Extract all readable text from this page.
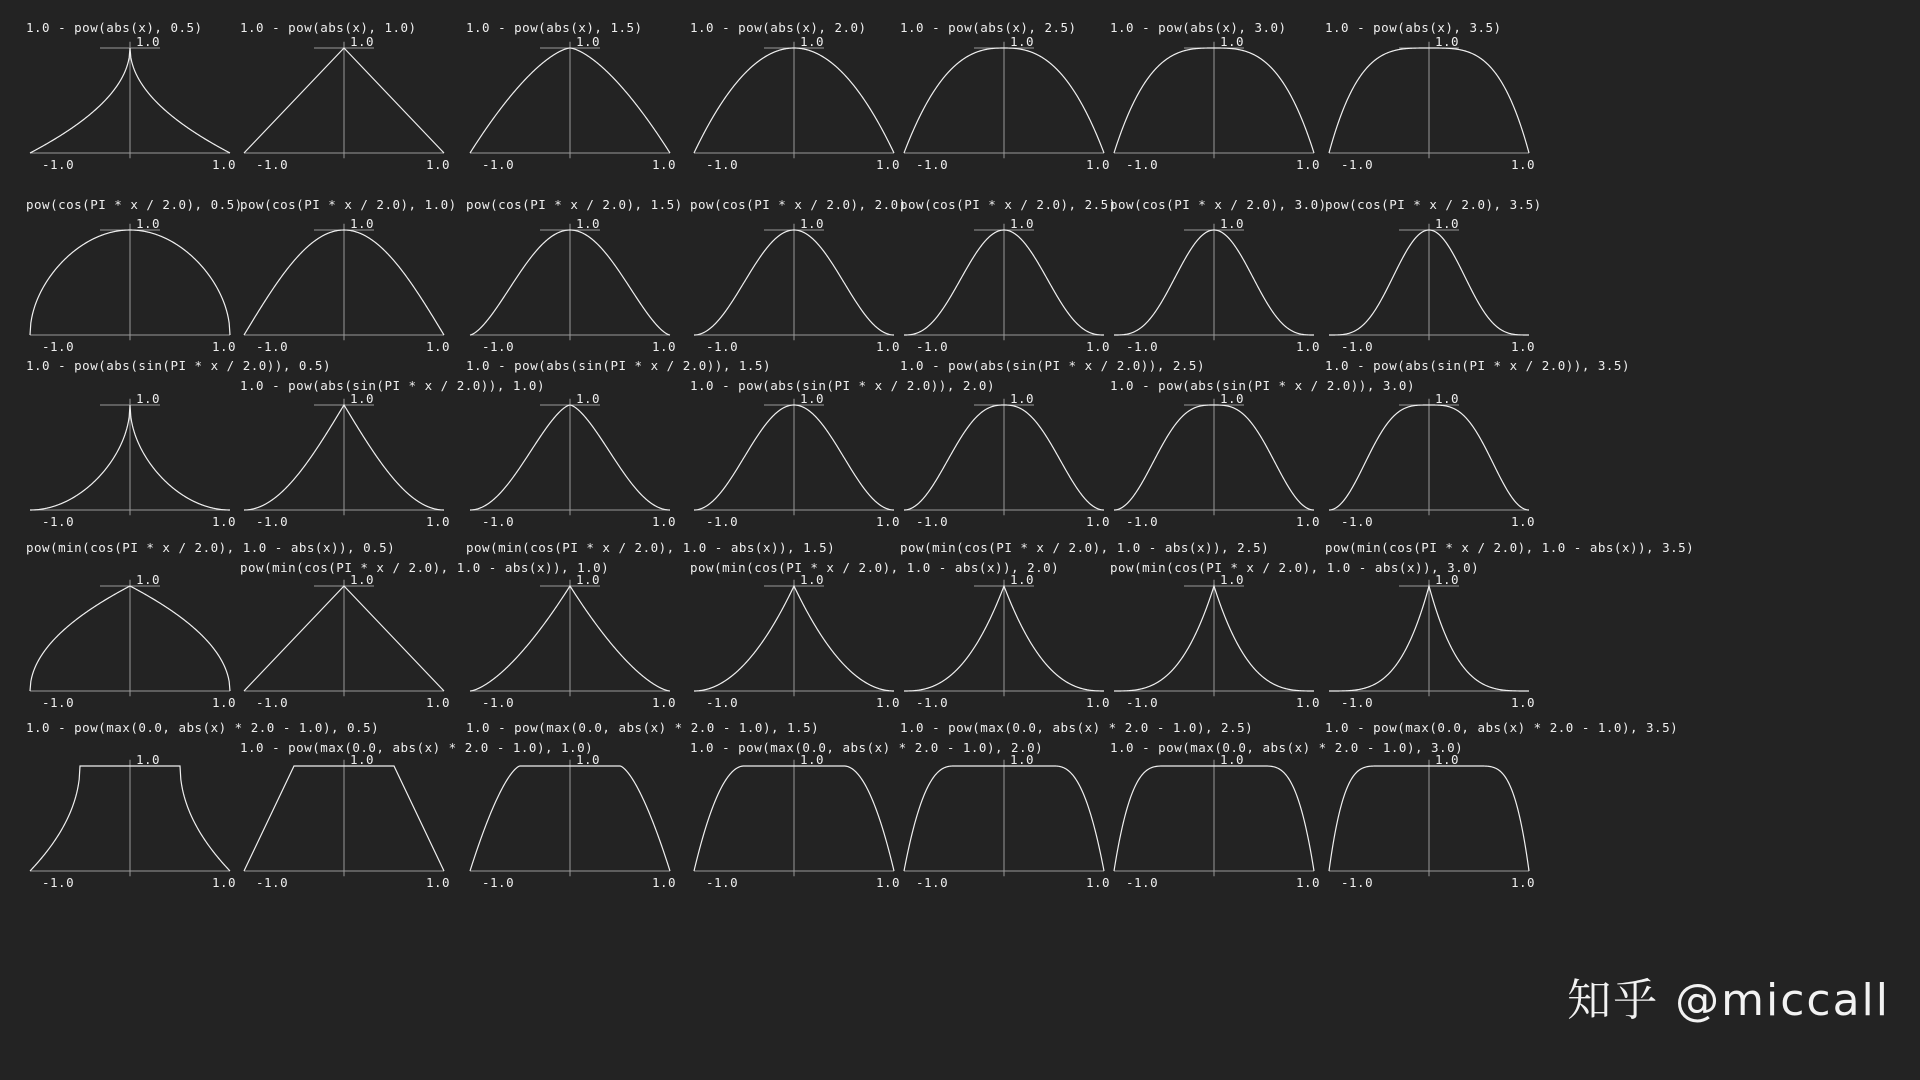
1.0 - pow(abs(x), 0.5)
1.0
-1.0	1.0
1.0 - pow(abs(x), 1.0)
1.0
-1.0	1.0
1.0 - pow(abs(x), 1.5)
1.0
-1.0	1.0
1.0 - pow(abs(x), 2.0)
1.0
-1.0	1.0
1.0 - pow(abs(x), 2.5)
1.0
-1.0	1.0
1.0 - pow(abs(x), 3.0)
1.0
-1.0	1.0
1.0 - pow(abs(x), 3.5)
1.0
-1.0	1.0
pow(cos(PI * x / 2.0), 0.5)
1.0
-1.0	1.0
pow(cos(PI * x / 2.0), 1.0)
1.0
-1.0	1.0
pow(cos(PI * x / 2.0), 1.5)
1.0
-1.0	1.0
pow(cos(PI * x / 2.0), 2.0)
1.0
-1.0	1.0
pow(cos(PI * x / 2.0), 2.5)
1.0
-1.0	1.0
pow(cos(PI * x / 2.0), 3.0)
1.0
-1.0	1.0
pow(cos(PI * x / 2.0), 3.5)
1.0
-1.0	1.0
1.0 - pow(abs(sin(PI * x / 2.0)), 0.5)
1.0
-1.0	1.0
1.0 - pow(abs(sin(PI * x / 2.0)), 1.0)
1.0
-1.0	1.0
1.0 - pow(abs(sin(PI * x / 2.0)), 1.5)
1.0
-1.0	1.0
1.0 - pow(abs(sin(PI * x / 2.0)), 2.0)
1.0
-1.0	1.0
1.0 - pow(abs(sin(PI * x / 2.0)), 2.5)
1.0
-1.0	1.0
1.0 - pow(abs(sin(PI * x / 2.0)), 3.0)
1.0
-1.0	1.0
1.0 - pow(abs(sin(PI * x / 2.0)), 3.5)
1.0
-1.0	1.0
pow(min(cos(PI * x / 2.0), 1.0 - abs(x)), 0.5)
1.0
-1.0	1.0
pow(min(cos(PI * x / 2.0), 1.0 - abs(x)), 1.0)
1.0
-1.0	1.0
pow(min(cos(PI * x / 2.0), 1.0 - abs(x)), 1.5)
1.0
-1.0	1.0
pow(min(cos(PI * x / 2.0), 1.0 - abs(x)), 2.0)
1.0
-1.0	1.0
pow(min(cos(PI * x / 2.0), 1.0 - abs(x)), 2.5)
1.0
-1.0	1.0
pow(min(cos(PI * x / 2.0), 1.0 - abs(x)), 3.0)
1.0
-1.0	1.0
pow(min(cos(PI * x / 2.0), 1.0 - abs(x)), 3.5)
1.0
-1.0	1.0
1.0 - pow(max(0.0, abs(x) * 2.0 - 1.0), 0.5)
1.0
-1.0	1.0
1.0 - pow(max(0.0, abs(x) * 2.0 - 1.0), 1.0)
1.0
-1.0	1.0
1.0 - pow(max(0.0, abs(x) * 2.0 - 1.0), 1.5)
1.0
-1.0	1.0
1.0 - pow(max(0.0, abs(x) * 2.0 - 1.0), 2.0)
1.0
-1.0	1.0
1.0 - pow(max(0.0, abs(x) * 2.0 - 1.0), 2.5)
1.0
-1.0	1.0
1.0 - pow(max(0.0, abs(x) * 2.0 - 1.0), 3.0)
1.0
-1.0	1.0
1.0 - pow(max(0.0, abs(x) * 2.0 - 1.0), 3.5)
1.0
-1.0	1.0
知乎 @miccall
